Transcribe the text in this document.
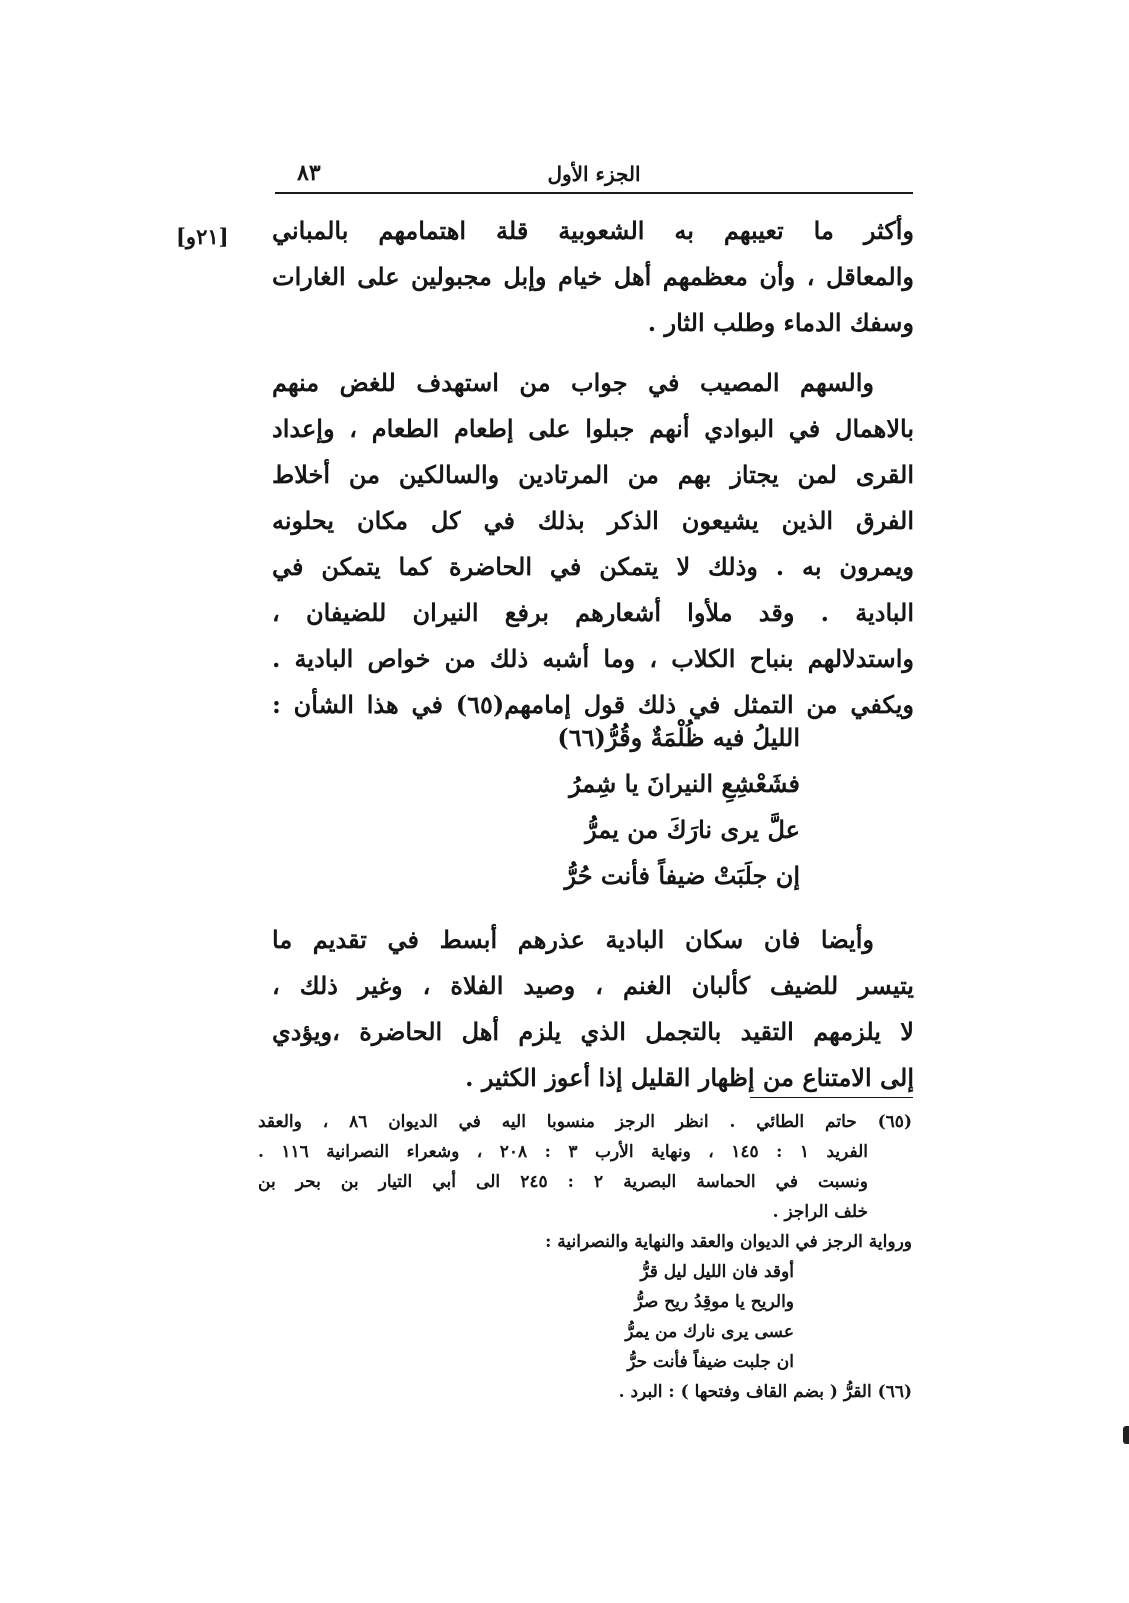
الجزء الأول
٨٣
[٢١و] وأكثر ما تعيبهم به الشعوبية قلة اهتمامهم بالمباني
والمعاقل ، وأن معظمهم أهل خيام وإبل مجبولين على الغارات
وسفك الدماء وطلب الثار .
والسهم المصيب في جواب من استهدف للغض منهم
بالاهمال في البوادي أنهم جبلوا على إطعام الطعام ، وإعداد
القرى لمن يجتاز بهم من المرتادين والسالكين من أخلاط
الفرق الذين يشيعون الذكر بذلك في كل مكان يحلونه
ويمرون به . وذلك لا يتمكن في الحاضرة كما يتمكن في
البادية . وقد ملأوا أشعارهم برفع النيران للضيفان ،
واستدلالهم بنباح الكلاب ، وما أشبه ذلك من خواص البادية .
ويكفي من التمثل في ذلك قول إمامهم(٦٥) في هذا الشأن :
الليلُ فيه ظُلْمَةٌ وقُرُّ(٦٦)
فشَعْشِعِ النيرانَ يا شِمرُ
علَّ يرى نارَكَ من يمرُّ
إن جلَبَتْ ضيفاً فأنت حُرُّ
وأيضا فان سكان البادية عذرهم أبسط في تقديم ما
يتيسر للضيف كألبان الغنم ، وصيد الفلاة ، وغير ذلك ،
لا يلزمهم التقيد بالتجمل الذي يلزم أهل الحاضرة ،ويؤدي
إلى الامتناع من إظهار القليل إذا أعوز الكثير .
(٦٥) حاتم الطائي . انظر الرجز منسوبا اليه في الديوان ٨٦ ، والعقد
الفريد ١ : ١٤٥ ، ونهاية الأرب ٣ : ٢٠٨ ، وشعراء النصرانية ١١٦ .
ونسبت في الحماسة البصرية ٢ : ٢٤٥ الى أبي التيار بن بحر بن
خلف الراجز .
ورواية الرجز في الديوان والعقد والنهاية والنصرانية :
أوقد فان الليل ليل قرُّ
والريح يا موقِدُ ريح صرُّ
عسى يرى نارك من يمرُّ
ان جلبت ضيفاً فأنت حرُّ
(٦٦) القرُّ ( بضم القاف وفتحها ) : البرد .
